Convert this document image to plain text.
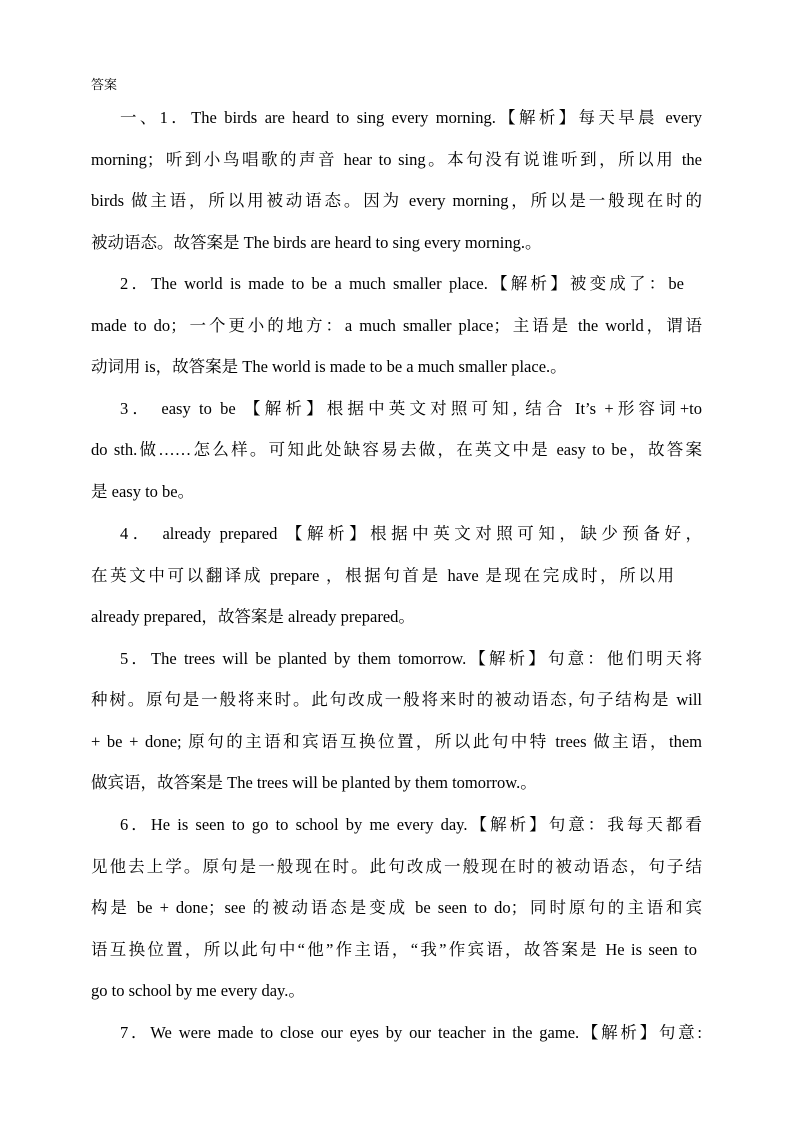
答案

一、1．The birds are heard to sing every morning.【解析】每天早晨 every

morning；听到小鸟唱歌的声音 hear to sing。本句没有说谁听到，所以用 the

birds 做主语，所以用被动语态。因为 every morning，所以是一般现在时的

被动语态。故答案是 The birds are heard to sing every morning.。

2．The world is made to be a much smaller place.【解析】被变成了：be

made to do；一个更小的地方：a much smaller place；主语是 the world，谓语

动词用 is，故答案是 The world is made to be a much smaller place.。

3． easy to be 【解析】根据中英文对照可知, 结合 It’s +形容词+to

do sth.做……怎么样。可知此处缺容易去做，在英文中是 easy to be，故答案

是 easy to be。

4． already prepared 【解析】根据中英文对照可知，缺少预备好，

在英文中可以翻译成 prepare ，根据句首是 have 是现在完成时，所以用

already prepared，故答案是 already prepared。

5．The trees will be planted by them tomorrow.【解析】句意：他们明天将

种树。原句是一般将来时。此句改成一般将来时的被动语态, 句子结构是 will

+ be + done; 原句的主语和宾语互换位置，所以此句中特 trees 做主语，them

做宾语，故答案是 The trees will be planted by them tomorrow.。

6．He is seen to go to school by me every day.【解析】句意：我每天都看

见他去上学。原句是一般现在时。此句改成一般现在时的被动语态，句子结

构是 be + done；see 的被动语态是变成 be seen to do；同时原句的主语和宾

语互换位置，所以此句中“他”作主语，“我”作宾语，故答案是 He is seen to

go to school by me every day.。

7．We were made to close our eyes by our teacher in the game.【解析】句意:
